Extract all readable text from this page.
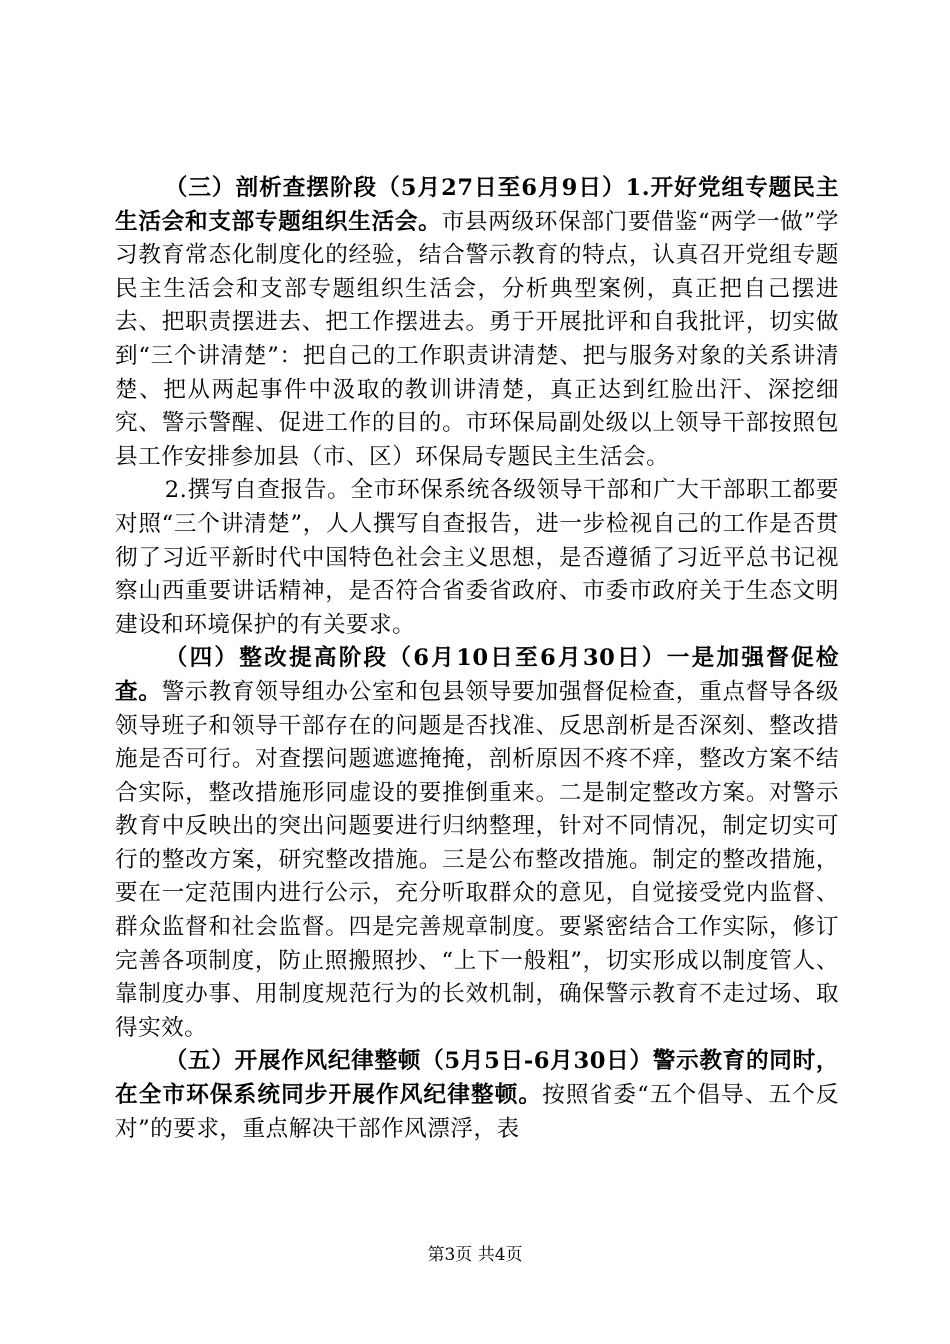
（三）剖析查摆阶段（5月27日至6月9日）1.开好党组专题民主生活会和支部专题组织生活会。市县两级环保部门要借鉴“两学一做”学习教育常态化制度化的经验，结合警示教育的特点，认真召开党组专题民主生活会和支部专题组织生活会，分析典型案例，真正把自己摆进去、把职责摆进去、把工作摆进去。勇于开展批评和自我批评，切实做到“三个讲清楚”：把自己的工作职责讲清楚、把与服务对象的关系讲清楚、把从两起事件中汲取的教训讲清楚，真正达到红脸出汗、深挖细究、警示警醒、促进工作的目的。市环保局副处级以上领导干部按照包县工作安排参加县（市、区）环保局专题民主生活会。

2.撰写自查报告。全市环保系统各级领导干部和广大干部职工都要对照“三个讲清楚”，人人撰写自查报告，进一步检视自己的工作是否贯彻了习近平新时代中国特色社会主义思想，是否遵循了习近平总书记视察山西重要讲话精神，是否符合省委省政府、市委市政府关于生态文明建设和环境保护的有关要求。

（四）整改提高阶段（6月10日至6月30日）一是加强督促检查。警示教育领导组办公室和包县领导要加强督促检查，重点督导各级领导班子和领导干部存在的问题是否找准、反思剖析是否深刻、整改措施是否可行。对查摆问题遮遮掩掩，剖析原因不疼不痒，整改方案不结合实际，整改措施形同虚设的要推倒重来。二是制定整改方案。对警示教育中反映出的突出问题要进行归纳整理，针对不同情况，制定切实可行的整改方案，研究整改措施。三是公布整改措施。制定的整改措施，要在一定范围内进行公示，充分听取群众的意见，自觉接受党内监督、群众监督和社会监督。四是完善规章制度。要紧密结合工作实际，修订完善各项制度，防止照搬照抄、“上下一般粗”，切实形成以制度管人、靠制度办事、用制度规范行为的长效机制，确保警示教育不走过场、取得实效。

（五）开展作风纪律整顿（5月5日-6月30日）警示教育的同时，在全市环保系统同步开展作风纪律整顿。按照省委“五个倡导、五个反对”的要求，重点解决干部作风漂浮，表

第3页 共4页
